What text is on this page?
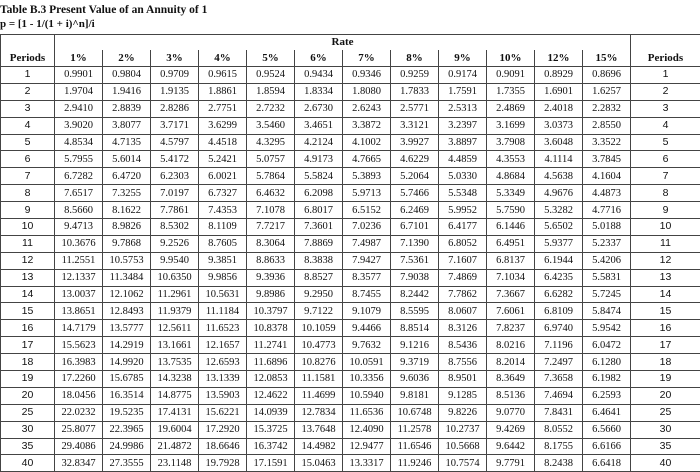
Table B.3 Present Value of an Annuity of 1
p = [1 - 1/(1 + i)^n]/i
	Rate												
Periods	1%	2%	3%	4%	5%	6%	7%	8%	9%	10%	12%	15%	Periods
1	0.9901	0.9804	0.9709	0.9615	0.9524	0.9434	0.9346	0.9259	0.9174	0.9091	0.8929	0.8696	1
2	1.9704	1.9416	1.9135	1.8861	1.8594	1.8334	1.8080	1.7833	1.7591	1.7355	1.6901	1.6257	2
3	2.9410	2.8839	2.8286	2.7751	2.7232	2.6730	2.6243	2.5771	2.5313	2.4869	2.4018	2.2832	3
4	3.9020	3.8077	3.7171	3.6299	3.5460	3.4651	3.3872	3.3121	3.2397	3.1699	3.0373	2.8550	4
5	4.8534	4.7135	4.5797	4.4518	4.3295	4.2124	4.1002	3.9927	3.8897	3.7908	3.6048	3.3522	5
6	5.7955	5.6014	5.4172	5.2421	5.0757	4.9173	4.7665	4.6229	4.4859	4.3553	4.1114	3.7845	6
7	6.7282	6.4720	6.2303	6.0021	5.7864	5.5824	5.3893	5.2064	5.0330	4.8684	4.5638	4.1604	7
8	7.6517	7.3255	7.0197	6.7327	6.4632	6.2098	5.9713	5.7466	5.5348	5.3349	4.9676	4.4873	8
9	8.5660	8.1622	7.7861	7.4353	7.1078	6.8017	6.5152	6.2469	5.9952	5.7590	5.3282	4.7716	9
10	9.4713	8.9826	8.5302	8.1109	7.7217	7.3601	7.0236	6.7101	6.4177	6.1446	5.6502	5.0188	10
11	10.3676	9.7868	9.2526	8.7605	8.3064	7.8869	7.4987	7.1390	6.8052	6.4951	5.9377	5.2337	11
12	11.2551	10.5753	9.9540	9.3851	8.8633	8.3838	7.9427	7.5361	7.1607	6.8137	6.1944	5.4206	12
13	12.1337	11.3484	10.6350	9.9856	9.3936	8.8527	8.3577	7.9038	7.4869	7.1034	6.4235	5.5831	13
14	13.0037	12.1062	11.2961	10.5631	9.8986	9.2950	8.7455	8.2442	7.7862	7.3667	6.6282	5.7245	14
15	13.8651	12.8493	11.9379	11.1184	10.3797	9.7122	9.1079	8.5595	8.0607	7.6061	6.8109	5.8474	15
16	14.7179	13.5777	12.5611	11.6523	10.8378	10.1059	9.4466	8.8514	8.3126	7.8237	6.9740	5.9542	16
17	15.5623	14.2919	13.1661	12.1657	11.2741	10.4773	9.7632	9.1216	8.5436	8.0216	7.1196	6.0472	17
18	16.3983	14.9920	13.7535	12.6593	11.6896	10.8276	10.0591	9.3719	8.7556	8.2014	7.2497	6.1280	18
19	17.2260	15.6785	14.3238	13.1339	12.0853	11.1581	10.3356	9.6036	8.9501	8.3649	7.3658	6.1982	19
20	18.0456	16.3514	14.8775	13.5903	12.4622	11.4699	10.5940	9.8181	9.1285	8.5136	7.4694	6.2593	20
25	22.0232	19.5235	17.4131	15.6221	14.0939	12.7834	11.6536	10.6748	9.8226	9.0770	7.8431	6.4641	25
30	25.8077	22.3965	19.6004	17.2920	15.3725	13.7648	12.4090	11.2578	10.2737	9.4269	8.0552	6.5660	30
35	29.4086	24.9986	21.4872	18.6646	16.3742	14.4982	12.9477	11.6546	10.5668	9.6442	8.1755	6.6166	35
40	32.8347	27.3555	23.1148	19.7928	17.1591	15.0463	13.3317	11.9246	10.7574	9.7791	8.2438	6.6418	40
